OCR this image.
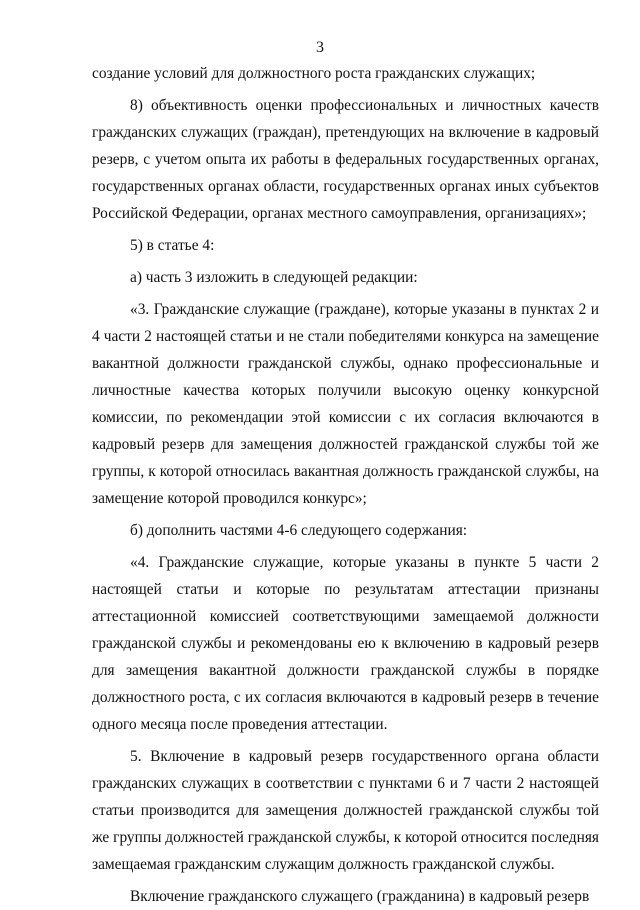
3

создание условий для должностного роста гражданских служащих;

8) объективность оценки профессиональных и личностных качеств гражданских служащих (граждан), претендующих на включение в кадровый резерв, с учетом опыта их работы в федеральных государственных органах, государственных органах области, государственных органах иных субъектов Российской Федерации, органах местного самоуправления, организациях»;

5) в статье 4:

а) часть 3 изложить в следующей редакции:

«3. Гражданские служащие (граждане), которые указаны в пунктах 2 и 4 части 2 настоящей статьи и не стали победителями конкурса на замещение вакантной должности гражданской службы, однако профессиональные и личностные качества которых получили высокую оценку конкурсной комиссии, по рекомендации этой комиссии с их согласия включаются в кадровый резерв для замещения должностей гражданской службы той же группы, к которой относилась вакантная должность гражданской службы, на замещение которой проводился конкурс»;

б) дополнить частями 4-6 следующего содержания:

«4. Гражданские служащие, которые указаны в пункте 5 части 2 настоящей статьи и которые по результатам аттестации признаны аттестационной комиссией соответствующими замещаемой должности гражданской службы и рекомендованы ею к включению в кадровый резерв для замещения вакантной должности гражданской службы в порядке должностного роста, с их согласия включаются в кадровый резерв в течение одного месяца после проведения аттестации.

5. Включение в кадровый резерв государственного органа области гражданских служащих в соответствии с пунктами 6 и 7 части 2 настоящей статьи производится для замещения должностей гражданской службы той же группы должностей гражданской службы, к которой относится последняя замещаемая гражданским служащим должность гражданской службы.

Включение гражданского служащего (гражданина) в кадровый резерв
